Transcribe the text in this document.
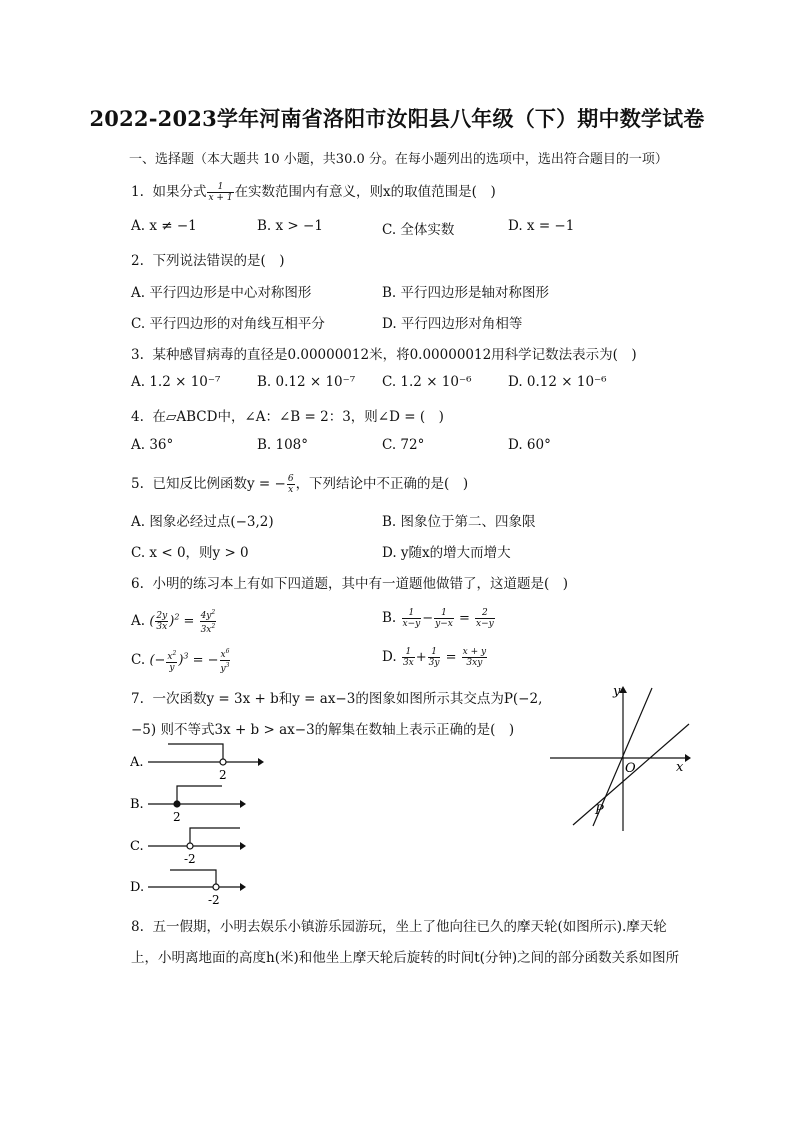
2022-2023学年河南省洛阳市汝阳县八年级（下）期中数学试卷
一、选择题（本大题共 10 小题，共30.0 分。在每小题列出的选项中，选出符合题目的一项）
1. 如果分式 $\frac{1}{x + 1}$ 在实数范围内有意义，则x的取值范围是(　)
A. x ≠ −1	B. x > −1	C. 全体实数	D. x = −1
2. 下列说法错误的是(　)
A. 平行四边形是中心对称图形	B. 平行四边形是轴对称图形
C. 平行四边形的对角线互相平分	D. 平行四边形对角相等
3. 某种感冒病毒的直径是0.00000012米，将0.00000012用科学记数法表示为(　)
A. 1.2 × 10⁻⁷	B. 0.12 × 10⁻⁷ C. 1.2 × 10⁻⁶	D. 0.12 × 10⁻⁶
4. 在▱ABCD中，∠A：∠B = 2：3，则∠D = (　)
A. 36°	B. 108°	C. 72°	D. 60°
5. 已知反比例函数y = − $\frac{6}{x}$ ，下列结论中不正确的是(　)
A. 图象必经过点(−3,2)	B. 图象位于第二、四象限
C. x < 0，则y > 0	D. y随x的增大而增大
6. 小明的练习本上有如下四道题，其中有一道题他做错了，这道题是(　)
A. ( $\frac{2y}{3x} )^2 = \frac{4y^2}{3x^2}$	B. $\frac{1}{x-y} - \frac{1}{y-x} = \frac{2}{x-y}$
C. (− $\frac{x^2}{y} )^3$ = − $\frac{x^6}{y^3}$	D. $\frac{1}{3x} + \frac{1}{3y} = \frac{x + y}{3xy}$
7. 一次函数y = 3x + b和y = ax−3的图象如图所示其交点为P(−2,
−5) 则不等式3x + b > ax−3的解集在数轴上表示正确的是(　)
A.
2
B.
2
C.
-2
D.
-2
y
x
O
P
8. 五一假期，小明去娱乐小镇游乐园游玩，坐上了他向往已久的摩天轮(如图所示).摩天轮
上，小明离地面的高度h(米)和他坐上摩天轮后旋转的时间t(分钟)之间的部分函数关系如图所
